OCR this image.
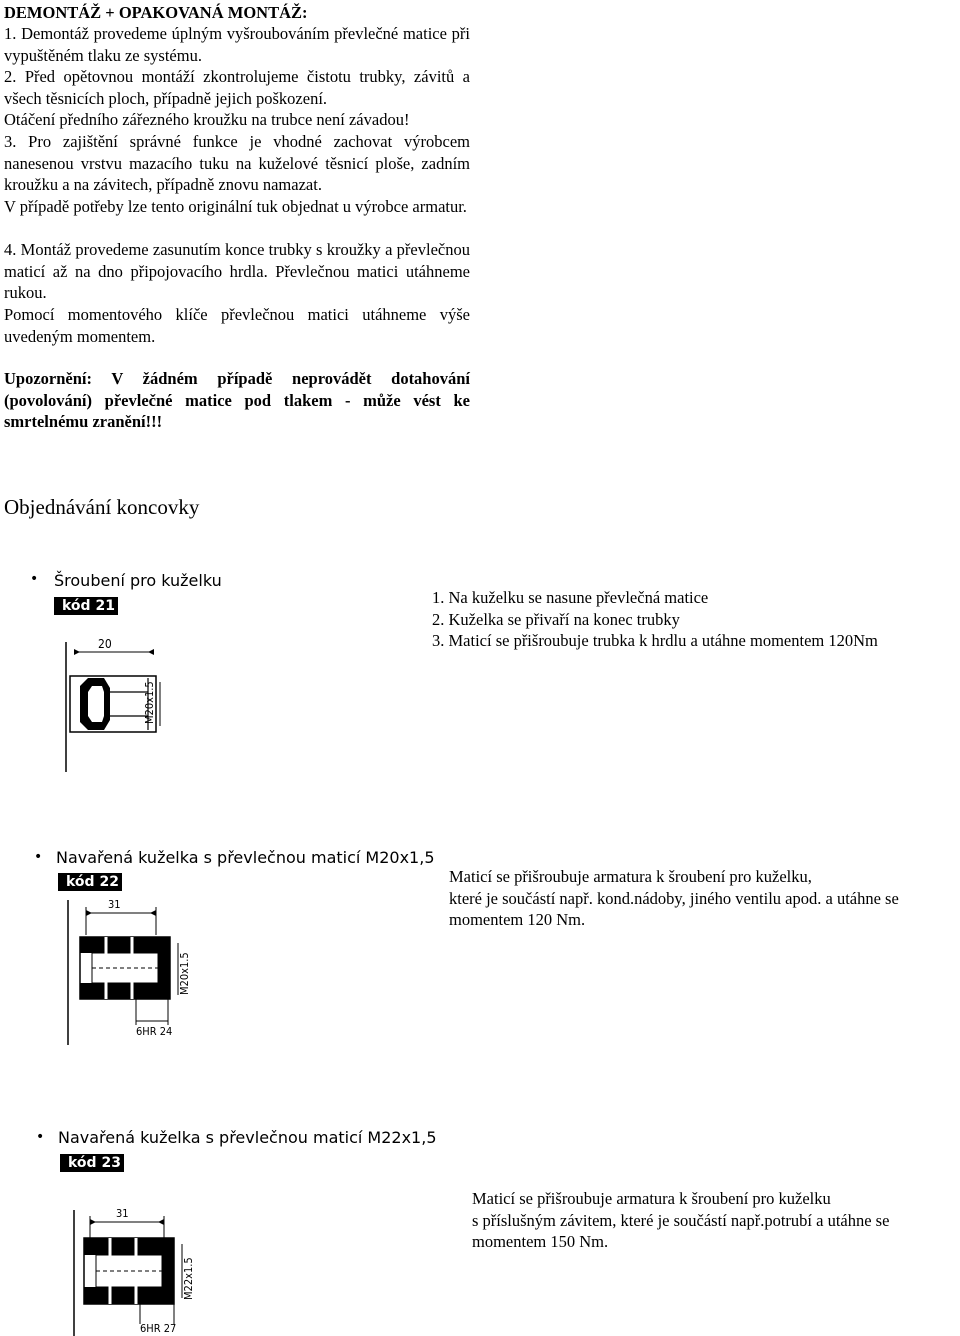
DEMONTÁŽ + OPAKOVANÁ MONTÁŽ:
1. Demontáž provedeme úplným vyšroubováním převlečné matice při vypuštěném tlaku ze systému.
2. Před opětovnou montáží zkontrolujeme čistotu trubky, závitů a všech těsnicích ploch, případně jejich poškození.
Otáčení předního zářezného kroužku na trubce není závadou!
3. Pro zajištění správné funkce je vhodné zachovat výrobcem nanesenou vrstvu mazacího tuku na kuželové těsnicí ploše, zadním kroužku a na závitech, případně znovu namazat.
V případě potřeby lze tento originální tuk objednat u výrobce armatur.
4. Montáž provedeme zasunutím konce trubky s kroužky a převlečnou maticí až na dno připojovacího hrdla. Převlečnou matici utáhneme rukou.
Pomocí momentového klíče převlečnou matici utáhneme výše uvedeným momentem.
Upozornění: V žádném případě neprovádět dotahování (povolování) převlečné matice pod tlakem - může vést ke smrtelnému zranění!!!
Objednávání koncovky
• Šroubení pro kuželku
kód 21
20
M20x1.5
1. Na kuželku se nasune převlečná matice
2. Kuželka se přivaří na konec trubky
3. Maticí se přišroubuje trubka k hrdlu a utáhne momentem 120Nm
• Navařená kuželka s převlečnou maticí M20x1,5
kód 22
31
M20x1.5
6HR 24
Maticí se přišroubuje armatura k šroubení pro kuželku,
které je součástí např. kond.nádoby, jiného ventilu apod. a utáhne se
momentem 120 Nm.
• Navařená kuželka s převlečnou maticí M22x1,5
kód 23
31
M22x1.5
6HR 27
Maticí se přišroubuje armatura k šroubení pro kuželku
s příslušným závitem, které je součástí např.potrubí a utáhne se
momentem 150 Nm.
